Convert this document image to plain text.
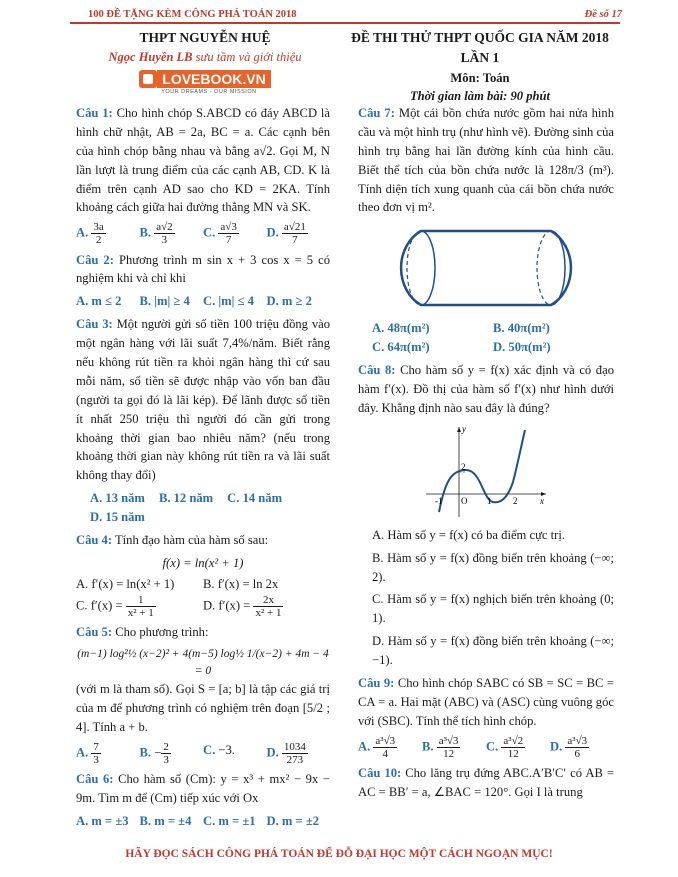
100 ĐỀ TẶNG KÈM CÔNG PHÁ TOÁN 2018	Đề số 17
THPT NGUYỄN HUỆ
Ngọc Huyền LB sưu tầm và giới thiệu
LOVEBOOK.VN
YOUR DREAMS - OUR MISSION
ĐỀ THI THỬ THPT QUỐC GIA NĂM 2018 LẦN 1
Môn: Toán
Thời gian làm bài: 90 phút
Câu 1: Cho hình chóp S.ABCD có đáy ABCD là hình chữ nhật, AB = 2a, BC = a. Các cạnh bên của hình chóp bằng nhau và bằng a√2. Gọi M, N lần lượt là trung điểm của các cạnh AB, CD. K là điểm trên cạnh AD sao cho KD = 2KA. Tính khoảng cách giữa hai đường thẳng MN và SK.
A. $\frac{3a}{2}$	B. $\frac{a√2}{3} C$. $\frac{a√3}{7} D$. $\frac{a√21}{7}$
Câu 2: Phương trình m sin x + 3 cos x = 5 có nghiệm khi và chỉ khi
A. m ≤ 2	B. |m| ≥ 4	C. |m| ≤ 4 D. m ≥ 2
Câu 3: Một người gửi số tiền 100 triệu đồng vào một ngân hàng với lãi suất 7,4%/năm. Biết rằng nếu không rút tiền ra khỏi ngân hàng thì cứ sau mỗi năm, số tiền sẽ được nhập vào vốn ban đầu (người ta gọi đó là lãi kép). Để lãnh được số tiền ít nhất 250 triệu thì người đó cần gửi trong khoảng thời gian bao nhiêu năm? (nếu trong khoảng thời gian này không rút tiền ra và lãi suất không thay đổi)
A. 13 năm B. 12 năm C. 14 năm
D. 15 năm
Câu 4: Tính đạo hàm của hàm số sau:
f(x) = ln(x² + 1)
A. f′(x) = ln(x² + 1)	B. f′(x) = ln 2x
C. $f'(x) = \frac{1}{\text{x² + 1}}$	D. $f'(x) = \frac{2x}{\text{x² + 1}}$
Câu 5: Cho phương trình:
(m−1) log²½ (x−2)² + 4(m−5) log½ 1/(x−2) + 4m − 4 = 0
(với m là tham số). Gọi S = [a; b] là tập các giá trị của m để phương trình có nghiệm trên đoạn [5/2 ; 4]. Tính a + b.
A. $\frac{7}{3}$	B. − $\frac{2}{3}$	C. −3.	D. $\frac{1034}{273}$
Câu 6: Cho hàm số (Cm): y = x³ + mx² − 9x − 9m. Tìm m để (Cm) tiếp xúc với Ox
A. m = ±3 B. m = ±4 C. m = ±1 D. m = ±2
Câu 7: Một cái bồn chứa nước gồm hai nửa hình cầu và một hình trụ (như hình vẽ). Đường sinh của hình trụ bằng hai lần đường kính của hình cầu. Biết thể tích của bồn chứa nước là 128π/3 (m³). Tính diện tích xung quanh của cái bồn chứa nước theo đơn vị m².
A. 48π(m²)	B. 40π(m²)
C. 64π(m²)	D. 50π(m²)
Câu 8: Cho hàm số y = f(x) xác định và có đạo hàm f′(x). Đồ thị của hàm số f′(x) như hình dưới đây. Khẳng định nào sau đây là đúng?
y
x
O
-1	1 2
2
A. Hàm số y = f(x) có ba điểm cực trị.
B. Hàm số y = f(x) đồng biến trên khoảng (−∞; 2).
C. Hàm số y = f(x) nghịch biến trên khoảng (0; 1).
D. Hàm số y = f(x) đồng biến trên khoảng (−∞; −1).
Câu 9: Cho hình chóp SABC có SB = SC = BC = CA = a. Hai mặt (ABC) và (ASC) cùng vuông góc với (SBC). Tính thể tích hình chóp.
A. $\frac{\text{a³√3}}{4} B$. $\frac{\text{a³√3}}{12} C$. $\frac{\text{a³√2}}{12} D$. $\frac{\text{a³√3}}{6}$
Câu 10: Cho lăng trụ đứng ABC.A′B′C′ có AB = AC = BB′ = a, ∠BAC = 120°. Gọi I là trung
HÃY ĐỌC SÁCH CÔNG PHÁ TOÁN ĐỂ ĐỖ ĐẠI HỌC MỘT CÁCH NGOẠN MỤC!
